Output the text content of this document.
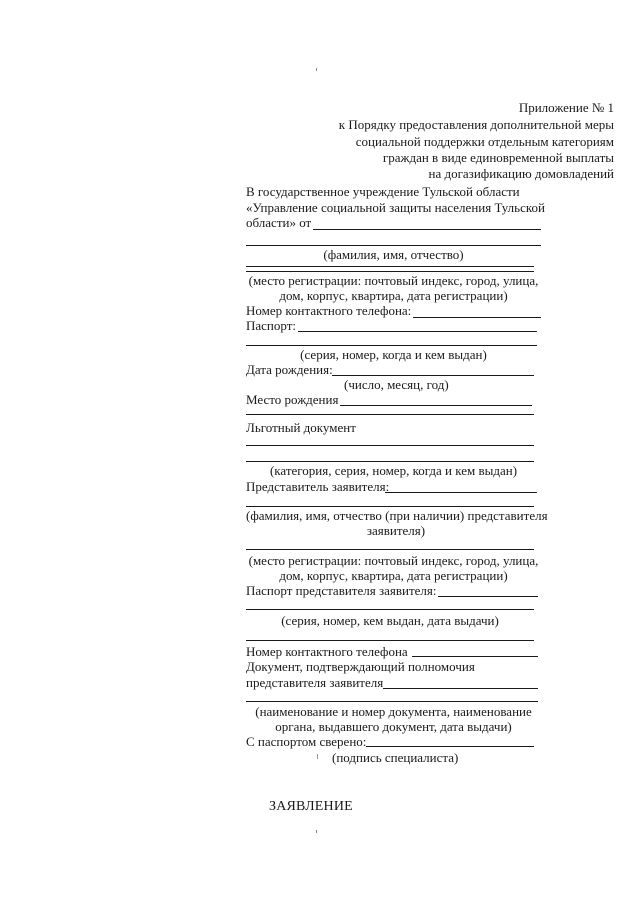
Приложение № 1
к Порядку предоставления дополнительной меры
социальной поддержки отдельным категориям
граждан в виде единовременной выплаты
на догазификацию домовладений
В государственное учреждение Тульской области
«Управление социальной защиты населения Тульской
области» от
(фамилия, имя, отчество)
(место регистрации: почтовый индекс, город, улица,
дом, корпус, квартира, дата регистрации)
Номер контактного телефона:
Паспорт:
(серия, номер, когда и кем выдан)
Дата рождения:
(число, месяц, год)
Место рождения
Льготный документ
(категория, серия, номер, когда и кем выдан)
Представитель заявителя:
(фамилия, имя, отчество (при наличии) представителя
заявителя)
(место регистрации: почтовый индекс, город, улица,
дом, корпус, квартира, дата регистрации)
Паспорт представителя заявителя:
(серия, номер, кем выдан, дата выдачи)
Номер контактного телефона
Документ, подтверждающий полномочия
представителя заявителя
(наименование и номер документа, наименование
органа, выдавшего документ, дата выдачи)
С паспортом сверено:
(подпись специалиста)
ЗАЯВЛЕНИЕ
